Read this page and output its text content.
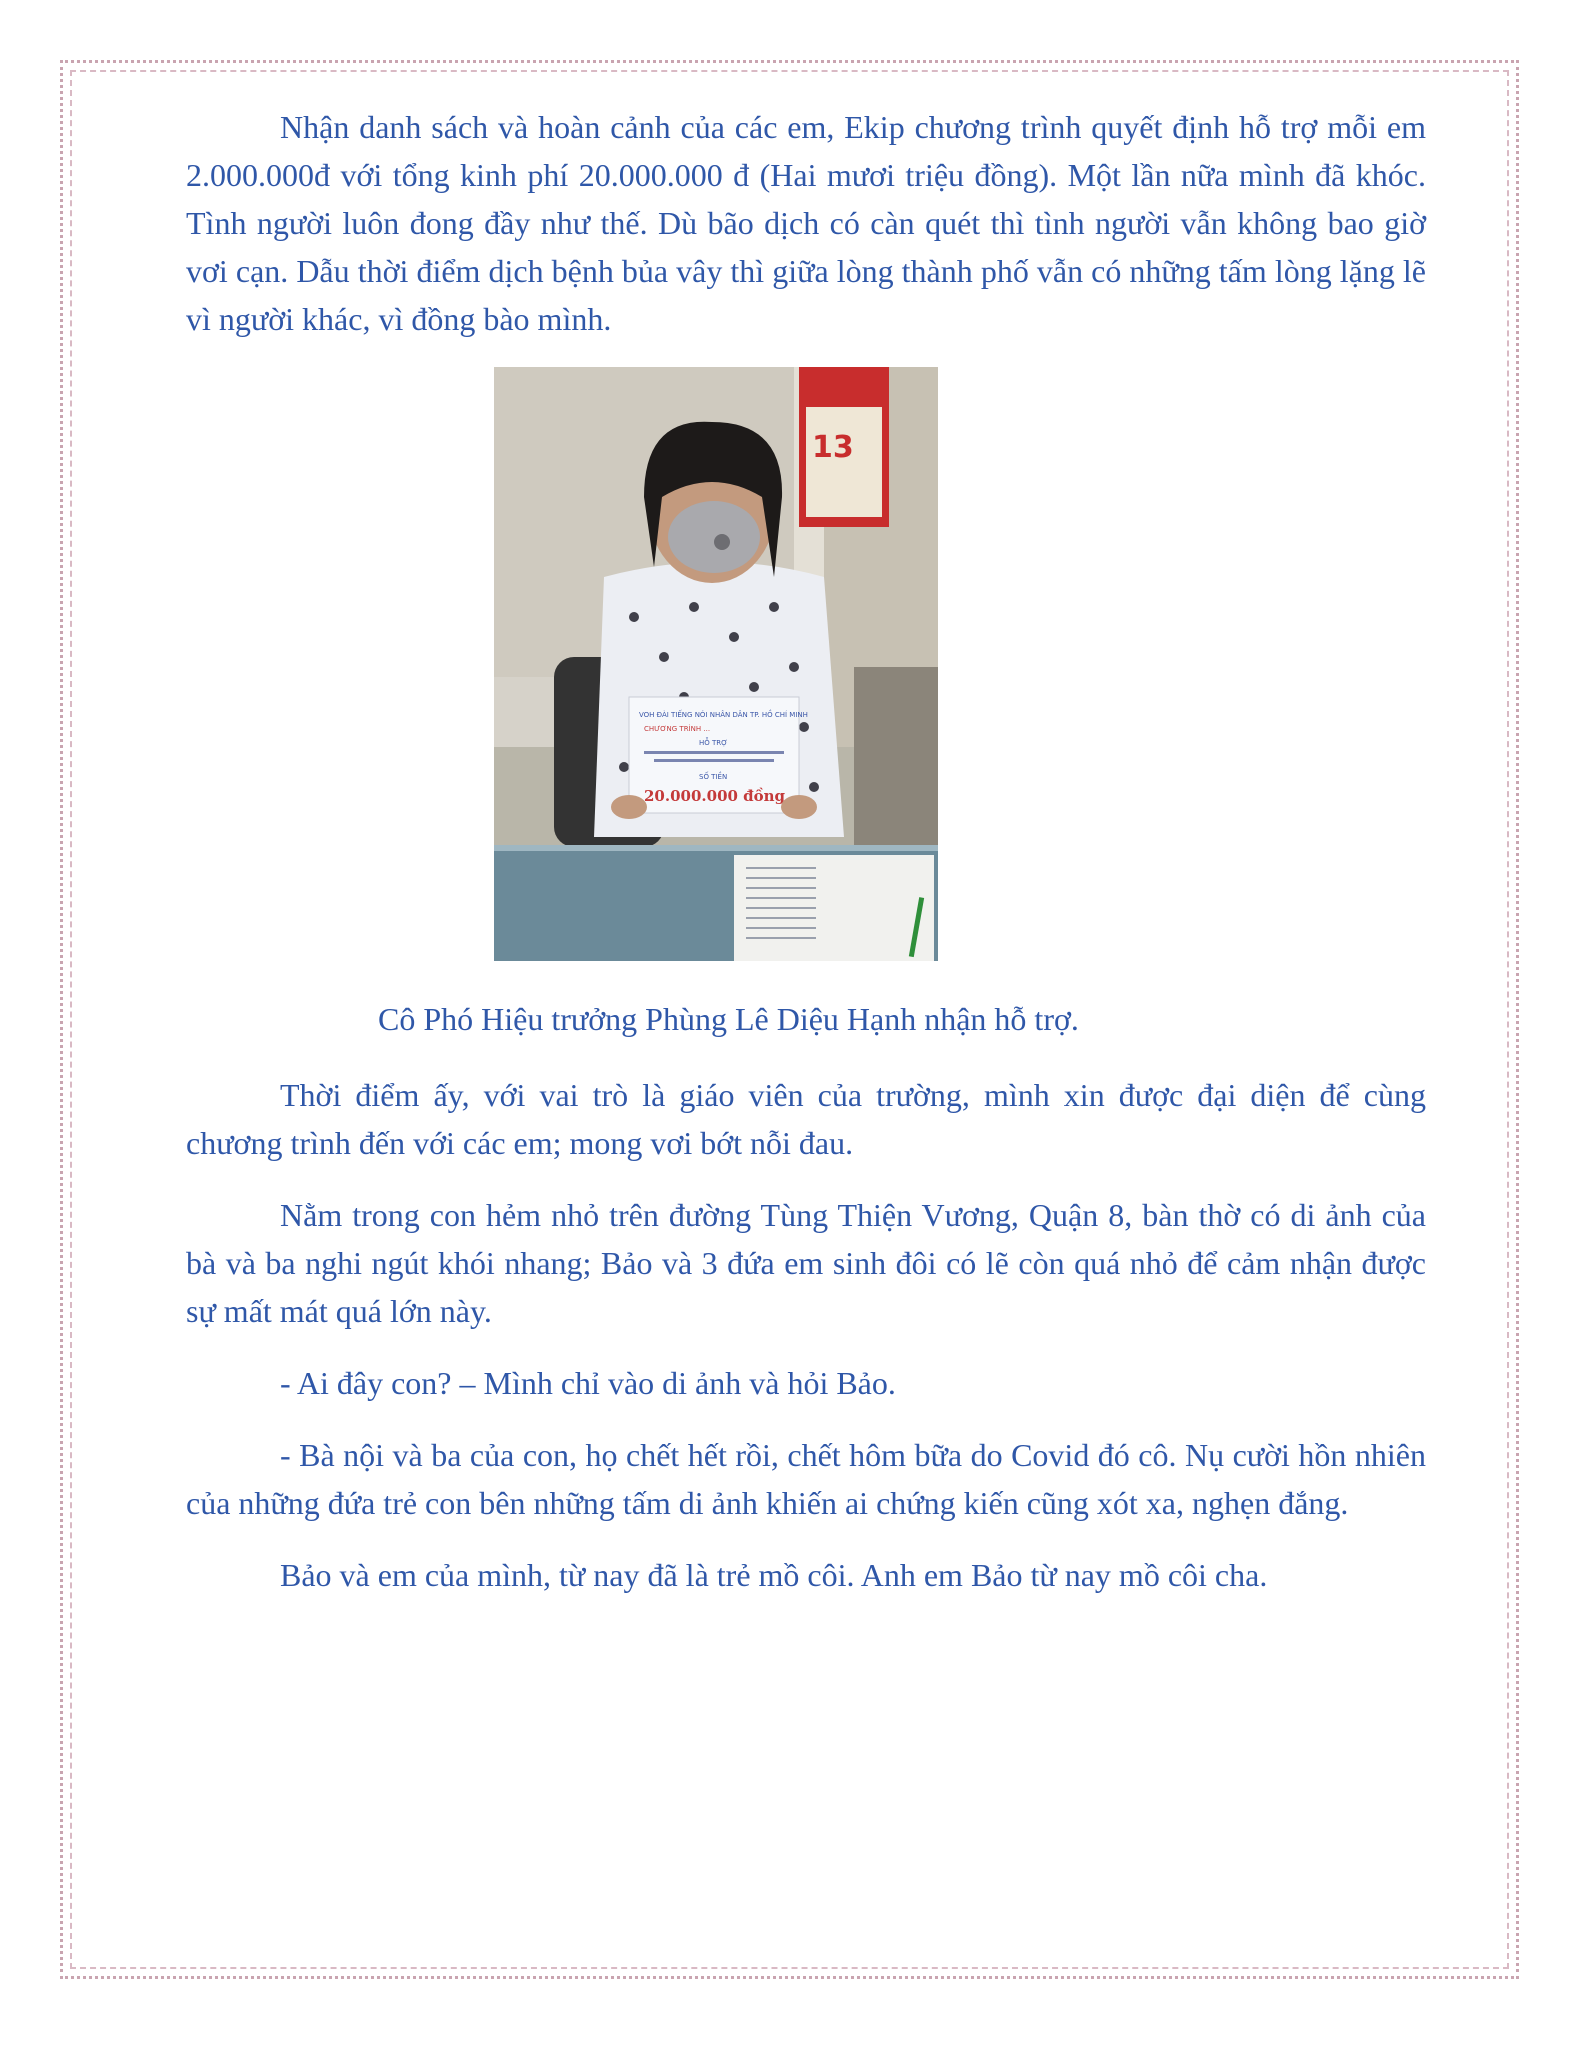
Nhận danh sách và hoàn cảnh của các em, Ekip chương trình quyết định hỗ trợ mỗi em 2.000.000đ với tổng kinh phí 20.000.000 đ (Hai mươi triệu đồng). Một lần nữa mình đã khóc. Tình người luôn đong đầy như thế. Dù bão dịch có càn quét thì tình người vẫn không bao giờ vơi cạn. Dẫu thời điểm dịch bệnh bủa vây thì giữa lòng thành phố vẫn có những tấm lòng lặng lẽ vì người khác, vì đồng bào mình.

13
VOH ĐÀI TIẾNG NÓI NHÂN DÂN TP. HỒ CHÍ MINH
CHƯƠNG TRÌNH ...
HỖ TRỢ
SỐ TIỀN
20.000.000 đồng

Cô Phó Hiệu trưởng Phùng Lê Diệu Hạnh nhận hỗ trợ.

Thời điểm ấy, với vai trò là giáo viên của trường, mình xin được đại diện để cùng chương trình đến với các em; mong vơi bớt nỗi đau.

Nằm trong con hẻm nhỏ trên đường Tùng Thiện Vương, Quận 8, bàn thờ có di ảnh của bà và ba nghi ngút khói nhang; Bảo và 3 đứa em sinh đôi có lẽ còn quá nhỏ để cảm nhận được sự mất mát quá lớn này.

- Ai đây con? – Mình chỉ vào di ảnh và hỏi Bảo.

- Bà nội và ba của con, họ chết hết rồi, chết hôm bữa do Covid đó cô. Nụ cười hồn nhiên của những đứa trẻ con bên những tấm di ảnh khiến ai chứng kiến cũng xót xa, nghẹn đắng.

Bảo và em của mình, từ nay đã là trẻ mồ côi. Anh em Bảo từ nay mồ côi cha.
